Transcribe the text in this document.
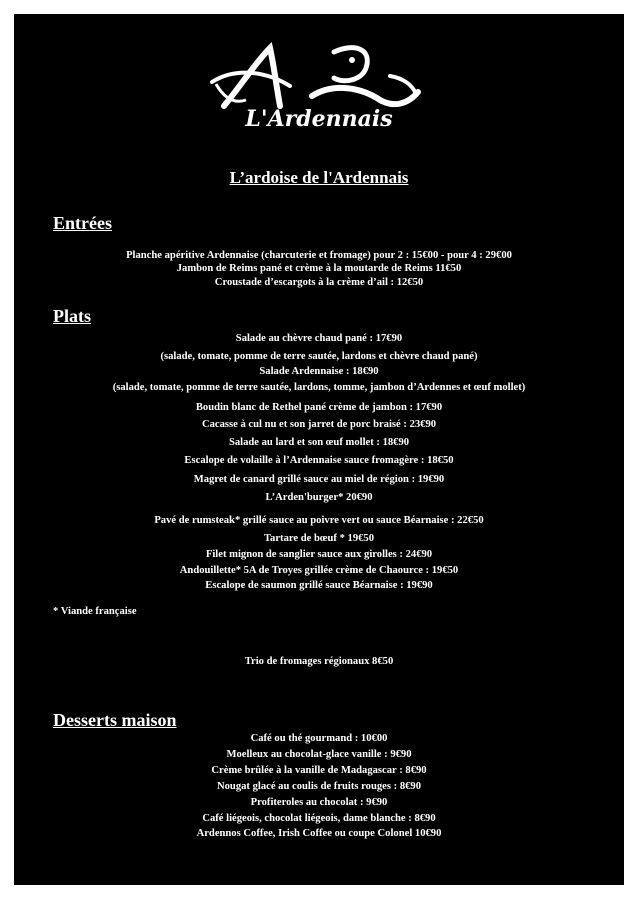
L'Ardennais
L’ardoise de l'Ardennais
Entrées
Planche apéritive Ardennaise (charcuterie et fromage) pour 2 : 15€00 - pour 4 : 29€00
Jambon de Reims pané et crème à la moutarde de Reims 11€50
Croustade d’escargots à la crème d’ail : 12€50
Plats
Salade au chèvre chaud pané : 17€90
(salade, tomate, pomme de terre sautée, lardons et chèvre chaud pané)
Salade Ardennaise : 18€90
(salade, tomate, pomme de terre sautée, lardons, tomme, jambon d’Ardennes et œuf mollet)
Boudin blanc de Rethel pané crème de jambon : 17€90
Cacasse à cul nu et son jarret de porc braisé : 23€90
Salade au lard et son œuf mollet : 18€90
Escalope de volaille à l’Ardennaise sauce fromagère : 18€50
Magret de canard grillé sauce au miel de région : 19€90
L’Arden'burger* 20€90
Pavé de rumsteak* grillé sauce au poivre vert ou sauce Béarnaise : 22€50
Tartare de bœuf * 19€50
Filet mignon de sanglier sauce aux girolles : 24€90
Andouillette* 5A de Troyes grillée crème de Chaource : 19€50
Escalope de saumon grillé sauce Béarnaise : 19€90
* Viande française
Trio de fromages régionaux 8€50
Desserts maison
Café ou thé gourmand : 10€00
Moelleux au chocolat-glace vanille : 9€90
Crème brûlée à la vanille de Madagascar : 8€90
Nougat glacé au coulis de fruits rouges : 8€90
Profiteroles au chocolat : 9€90
Café liégeois, chocolat liégeois, dame blanche : 8€90
Ardennos Coffee, Irish Coffee ou coupe Colonel 10€90
